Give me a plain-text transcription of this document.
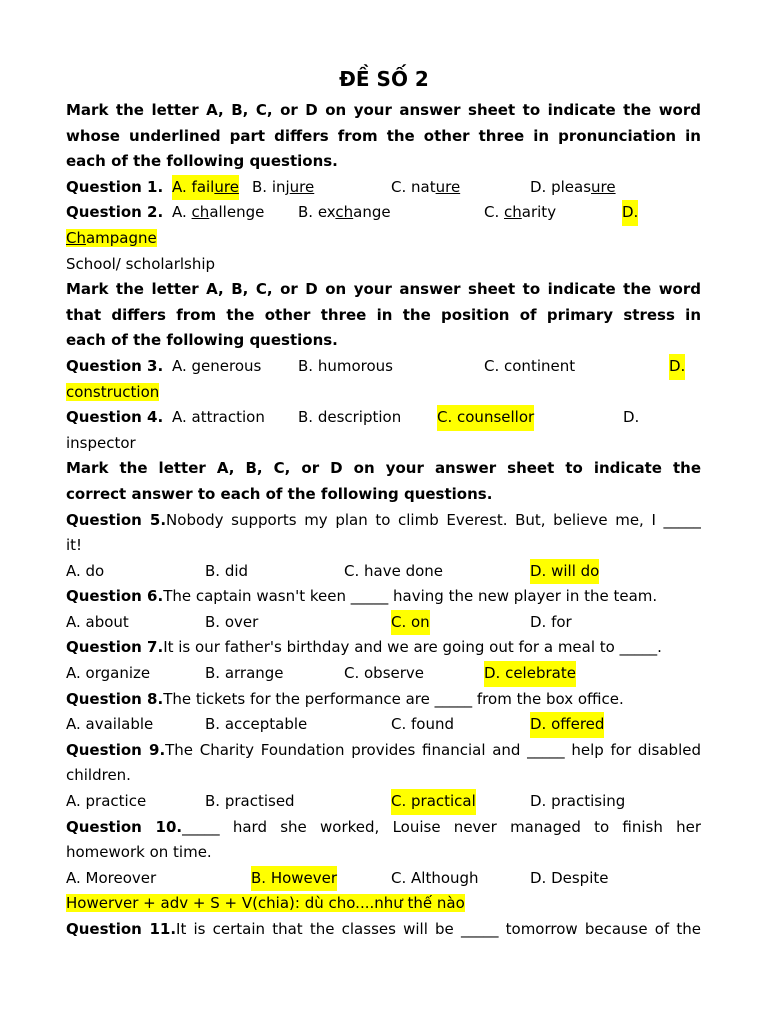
ĐỀ SỐ 2
Mark the letter A, B, C, or D on your answer sheet to indicate the word
whose underlined part differs from the other three in pronunciation in
each of the following questions.
Question 1. A. failure B. injure	C. nature	D. pleasure
Question 2. A. challenge B. exchange	C. charity	D.
Champagne
School/ scholarlship
Mark the letter A, B, C, or D on your answer sheet to indicate the word
that differs from the other three in the position of primary stress in
each of the following questions.
Question 3. A. generous B. humorous	C. continent	D.
construction
Question 4. A. attraction B. description C. counsellor	D.
inspector
Mark the letter A, B, C, or D on your answer sheet to indicate the
correct answer to each of the following questions.
Question 5.Nobody supports my plan to climb Everest. But, believe me, I _____
it!
A. do	B. did	C. have done	D. will do
Question 6.The captain wasn't keen _____ having the new player in the team.
A. about	B. over	C. on	D. for
Question 7.It is our father's birthday and we are going out for a meal to _____.
A. organize	B. arrange	C. observe	D. celebrate
Question 8.The tickets for the performance are _____ from the box office.
A. available	B. acceptable	C. found	D. offered
Question 9.The Charity Foundation provides financial and _____ help for disabled
children.
A. practice	B. practised	C. practical	D. practising
Question 10._____ hard she worked, Louise never managed to finish her
homework on time.
A. Moreover	B. However	C. Although	D. Despite
Howerver + adv + S + V(chia): dù cho....như thế nào
Question 11.It is certain that the classes will be _____ tomorrow because of the
